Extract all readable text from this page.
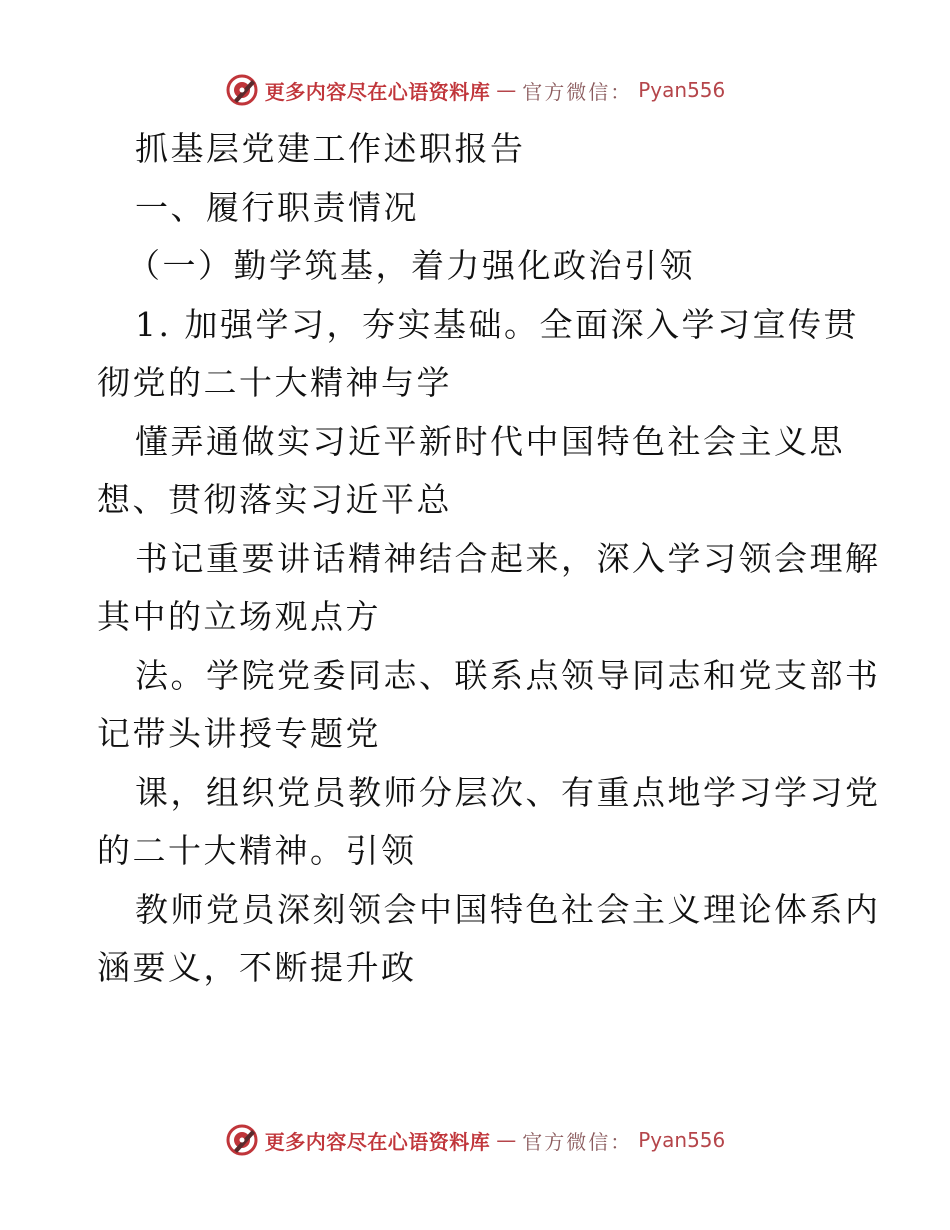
更多内容尽在心语资料库 — 官方微信： Pyan556
抓基层党建工作述职报告
一、履行职责情况
（一）勤学筑基，着力强化政治引领
1. 加强学习，夯实基础。全面深入学习宣传贯
彻党的二十大精神与学
懂弄通做实习近平新时代中国特色社会主义思
想、贯彻落实习近平总
书记重要讲话精神结合起来，深入学习领会理解
其中的立场观点方
法。学院党委同志、联系点领导同志和党支部书
记带头讲授专题党
课，组织党员教师分层次、有重点地学习学习党
的二十大精神。引领
教师党员深刻领会中国特色社会主义理论体系内
涵要义，不断提升政
更多内容尽在心语资料库 — 官方微信： Pyan556
